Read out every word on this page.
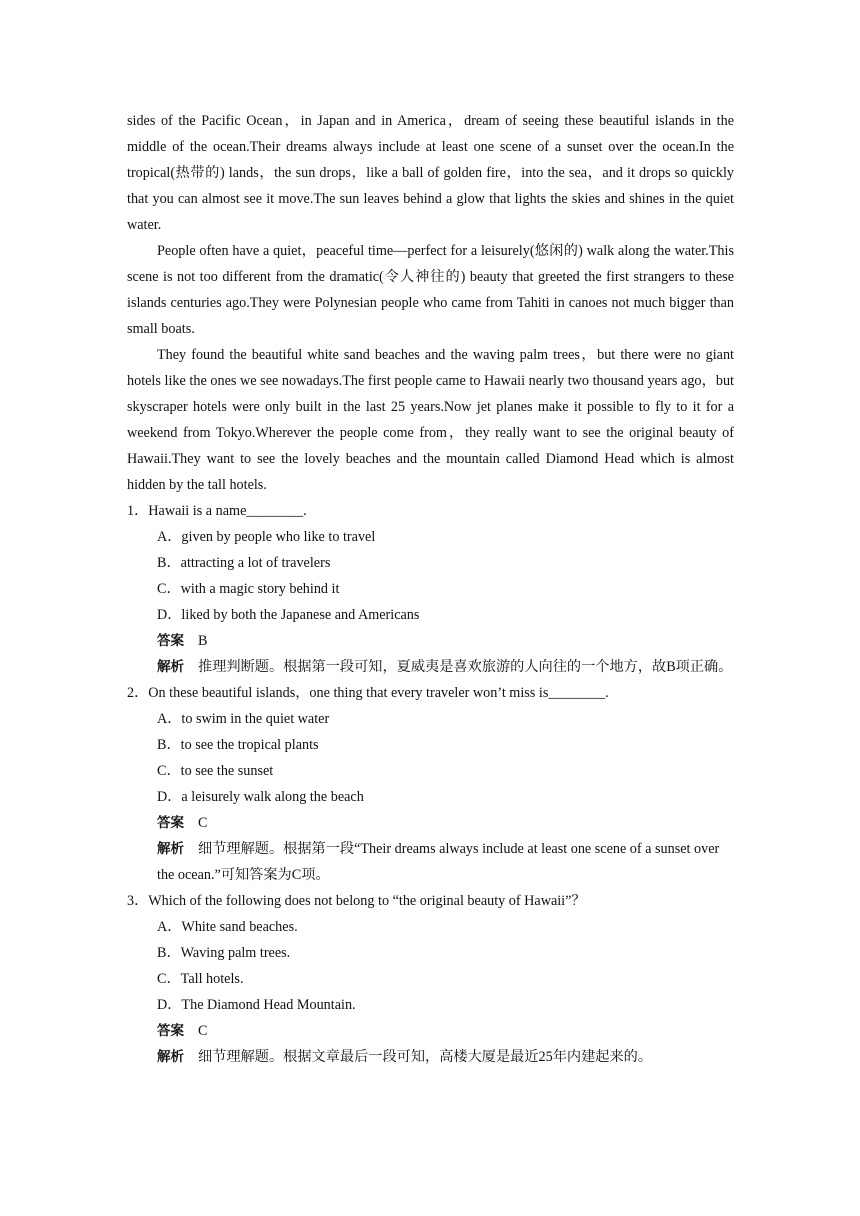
sides of the Pacific Ocean，in Japan and in America，dream of seeing these beautiful islands in the middle of the ocean.Their dreams always include at least one scene of a sunset over the ocean.In the tropical(热带的) lands，the sun drops，like a ball of golden fire，into the sea，and it drops so quickly that you can almost see it move.The sun leaves behind a glow that lights the skies and shines in the quiet water.

People often have a quiet，peaceful time—perfect for a leisurely(悠闲的) walk along the water.This scene is not too different from the dramatic(令人神往的) beauty that greeted the first strangers to these islands centuries ago.They were Polynesian people who came from Tahiti in canoes not much bigger than small boats.

They found the beautiful white sand beaches and the waving palm trees，but there were no giant hotels like the ones we see nowadays.The first people came to Hawaii nearly two thousand years ago，but skyscraper hotels were only built in the last 25 years.Now jet planes make it possible to fly to it for a weekend from Tokyo.Wherever the people come from，they really want to see the original beauty of Hawaii.They want to see the lovely beaches and the mountain called Diamond Head which is almost hidden by the tall hotels.

1．Hawaii is a name________.

A．given by people who like to travel

B．attracting a lot of travelers

C．with a magic story behind it

D．liked by both the Japanese and Americans

答案 B

解析 推理判断题。根据第一段可知，夏威夷是喜欢旅游的人向往的一个地方，故B项正确。

2．On these beautiful islands，one thing that every traveler won’t miss is________.

A．to swim in the quiet water

B．to see the tropical plants

C．to see the sunset

D．a leisurely walk along the beach

答案 C

解析 细节理解题。根据第一段“Their dreams always include at least one scene of a sunset over the ocean.”可知答案为C项。

3．Which of the following does not belong to “the original beauty of Hawaii”？

A．White sand beaches.

B．Waving palm trees.

C．Tall hotels.

D．The Diamond Head Mountain.

答案 C

解析 细节理解题。根据文章最后一段可知，高楼大厦是最近25年内建起来的。
